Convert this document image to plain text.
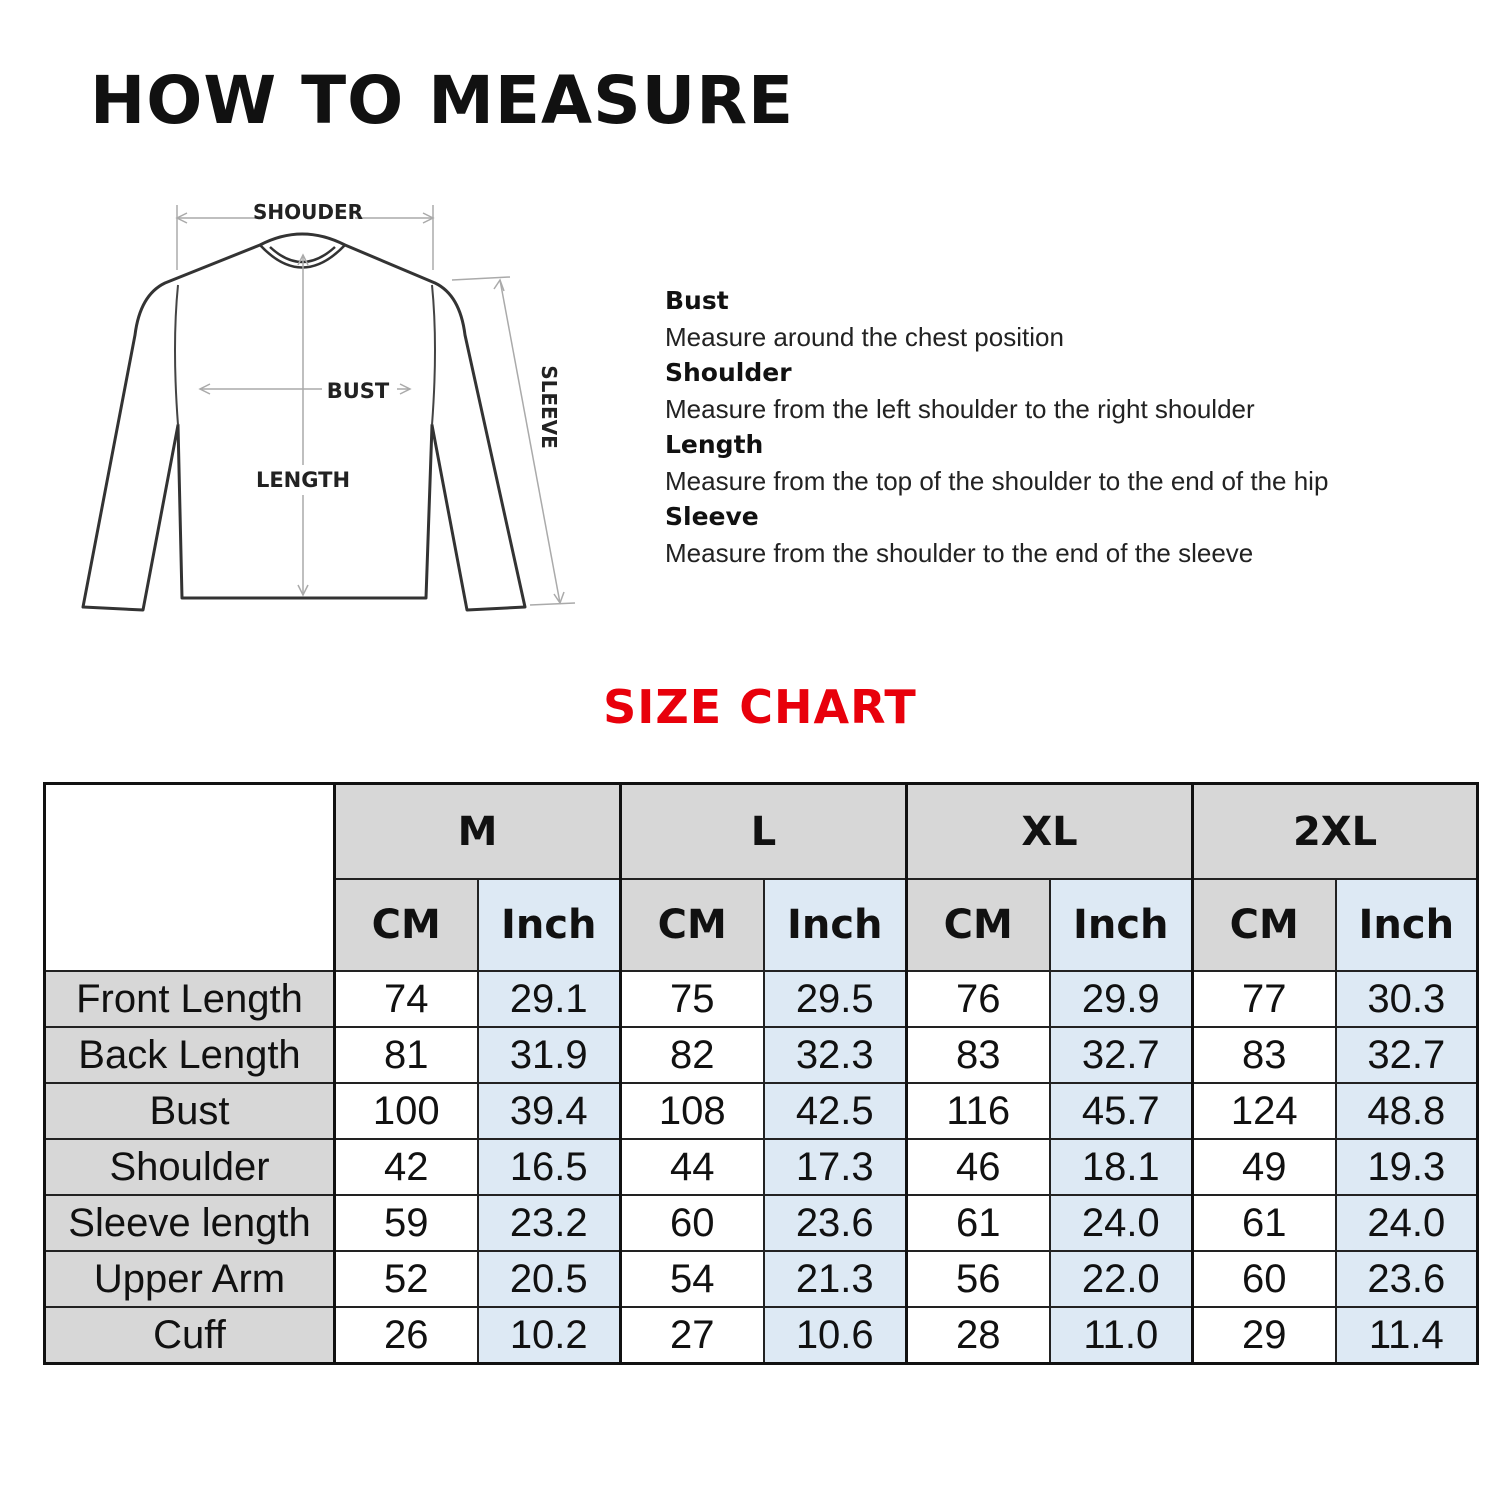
HOW TO MEASURE
SHOUDER
LENGTH
BUST	SLEEVE
Bust
Measure around the chest position
Shoulder
Measure from the left shoulder to the right shoulder
Length
Measure from the top of the shoulder to the end of the hip
Sleeve
Measure from the shoulder to the end of the sleeve
SIZE CHART
	M		L		XL		2XL	
	CM	Inch	CM	Inch	CM	Inch	CM	Inch
Front Length	74	29.1	75	29.5	76	29.9	77	30.3
Back Length	81	31.9	82	32.3	83	32.7	83	32.7
Bust	100	39.4	108	42.5	116	45.7	124	48.8
Shoulder	42	16.5	44	17.3	46	18.1	49	19.3
Sleeve length	59	23.2	60	23.6	61	24.0	61	24.0
Upper Arm	52	20.5	54	21.3	56	22.0	60	23.6
Cuff	26	10.2	27	10.6	28	11.0	29	11.4
